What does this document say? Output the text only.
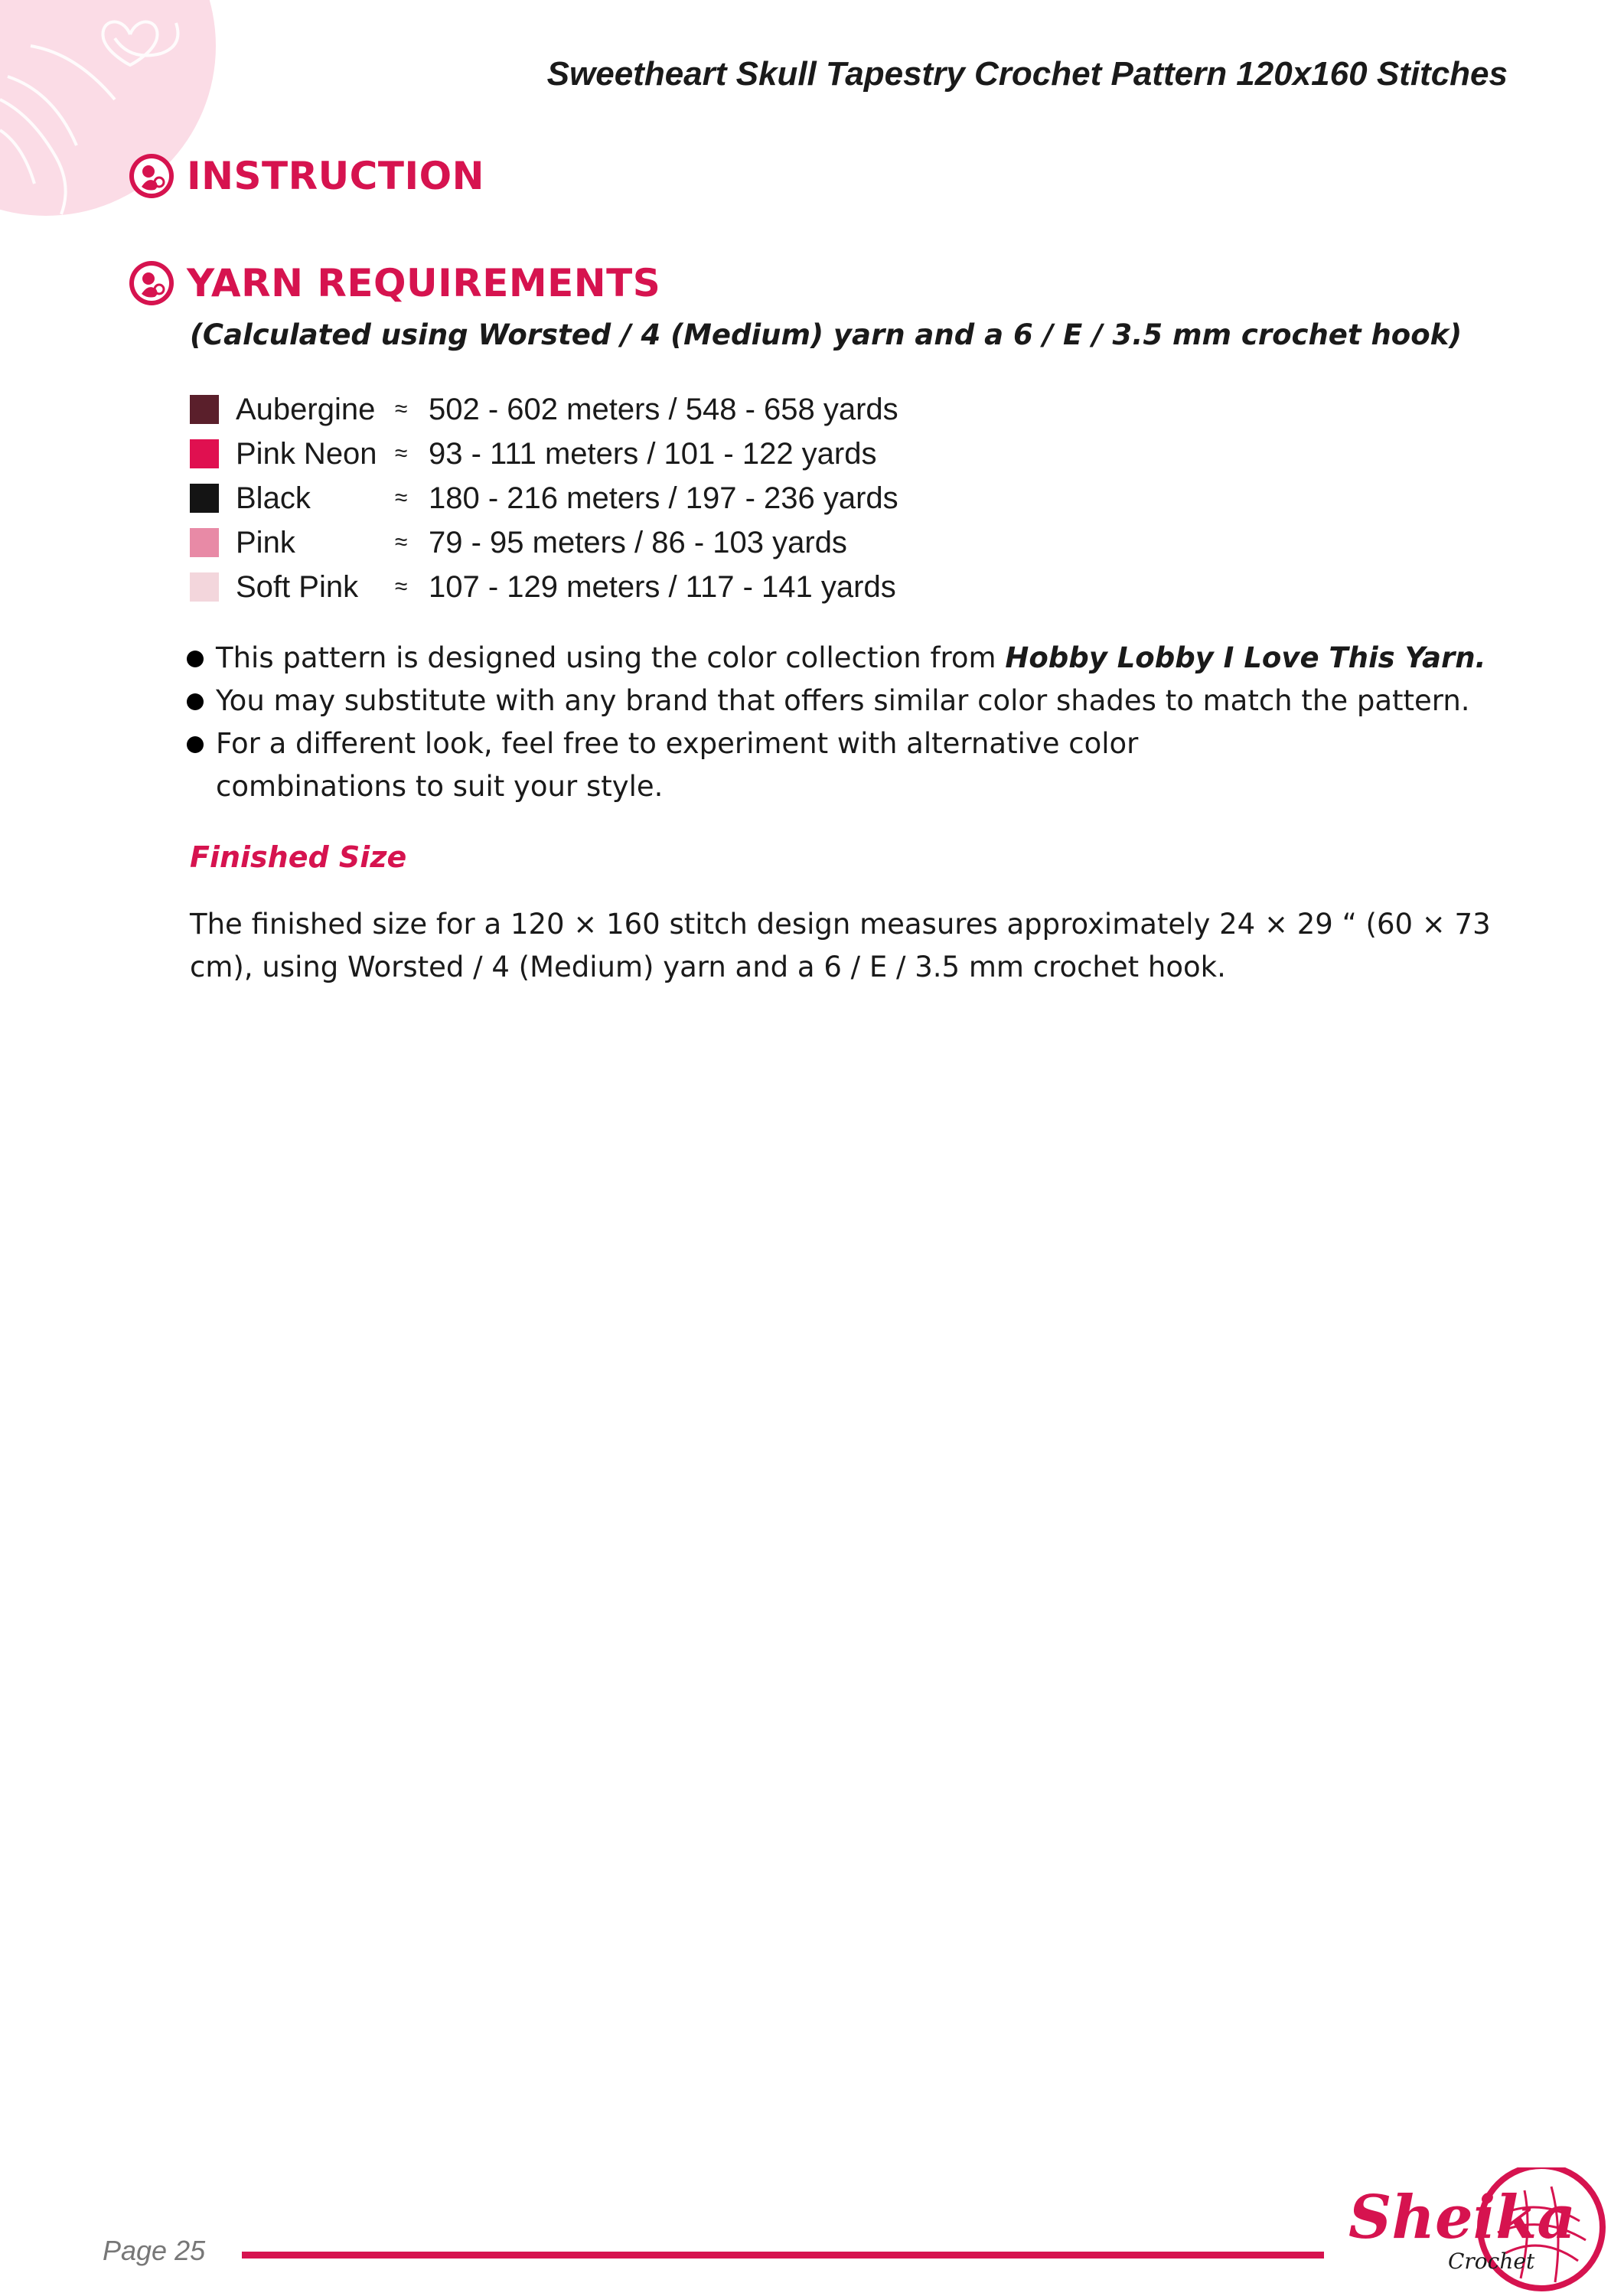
Sweetheart Skull Tapestry Crochet Pattern 120x160 Stitches
INSTRUCTION
YARN REQUIREMENTS
(Calculated using Worsted / 4 (Medium) yarn and a 6 / E / 3.5 mm crochet hook)
Aubergine ≈ 502 - 602 meters / 548 - 658 yards
Pink Neon ≈ 93 - 111 meters / 101 - 122 yards
Black	≈ 180 - 216 meters / 197 - 236 yards
Pink	≈ 79 - 95 meters / 86 - 103 yards
Soft Pink	≈ 107 - 129 meters / 117 - 141 yards
This pattern is designed using the color collection from Hobby Lobby I Love This Yarn.
You may substitute with any brand that offers similar color shades to match the pattern.
For a different look, feel free to experiment with alternative color combinations to suit your style.
Finished Size
The finished size for a 120 × 160 stitch design measures approximately 24 × 29 “ (60 × 73 cm), using Worsted / 4 (Medium) yarn and a 6 / E / 3.5 mm crochet hook.
Page 25	Sheika
Crochet
